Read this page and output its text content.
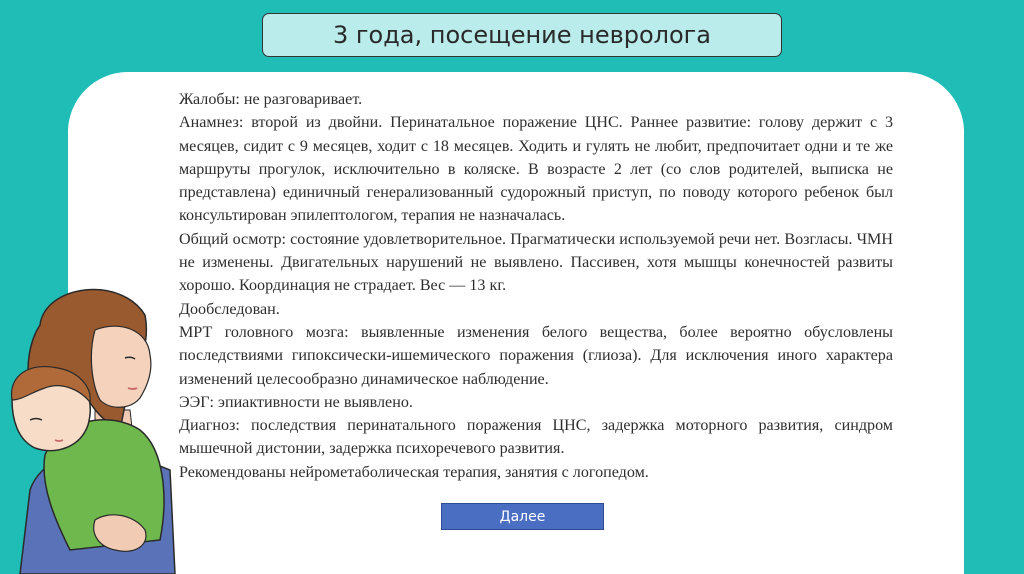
3 года, посещение невролога

Жалобы: не разговаривает.

Анамнез: второй из двойни. Перинатальное поражение ЦНС. Раннее развитие: голову держит с 3 месяцев, сидит с 9 месяцев, ходит с 18 месяцев. Ходить и гулять не любит, предпочитает одни и те же маршруты прогулок, исключительно в коляске. В возрасте 2 лет (со слов родителей, выписка не представлена) единичный генерализованный судорожный приступ, по поводу которого ребенок был консультирован эпилептологом, терапия не назначалась.

Общий осмотр: состояние удовлетворительное. Прагматически используемой речи нет. Возгласы. ЧМН не изменены. Двигательных нарушений не выявлено. Пассивен, хотя мышцы конечностей развиты хорошо. Координация не страдает. Вес — 13 кг.

Дообследован.

МРТ головного мозга: выявленные изменения белого вещества, более вероятно обусловлены последствиями гипоксически-ишемического поражения (глиоза). Для исключения иного характера изменений целесообразно динамическое наблюдение.

ЭЭГ: эпиактивности не выявлено.

Диагноз: последствия перинатального поражения ЦНС, задержка моторного развития, синдром мышечной дистонии, задержка психоречевого развития.

Рекомендованы нейрометаболическая терапия, занятия с логопедом.

Далее
